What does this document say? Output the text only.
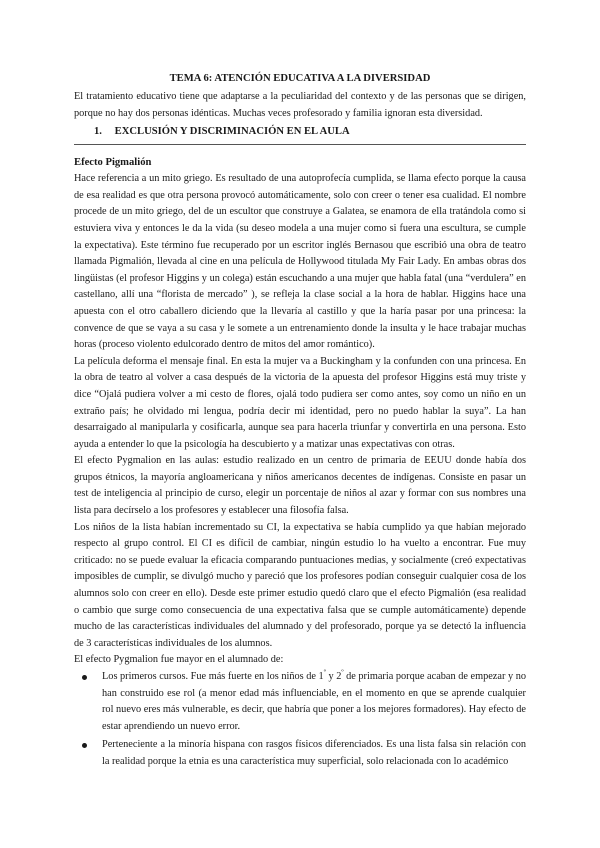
TEMA 6: ATENCIÓN EDUCATIVA A LA DIVERSIDAD

El tratamiento educativo tiene que adaptarse a la peculiaridad del contexto y de las personas que se dirigen, porque no hay dos personas idénticas. Muchas veces profesorado y familia ignoran esta diversidad.

1. EXCLUSIÓN Y DISCRIMINACIÓN EN EL AULA
Efecto Pigmalión

Hace referencia a un mito griego. Es resultado de una autoprofecía cumplida, se llama efecto porque la causa de esa realidad es que otra persona provocó automáticamente, solo con creer o tener esa cualidad. El nombre procede de un mito griego, del de un escultor que construye a Galatea, se enamora de ella tratándola como si estuviera viva y entonces le da la vida (su deseo modela a una mujer como si fuera una escultura, se cumple la expectativa). Este término fue recuperado por un escritor inglés Bernasou que escribió una obra de teatro llamada Pigmalión, llevada al cine en una película de Hollywood titulada My Fair Lady. En ambas obras dos lingüistas (el profesor Higgins y un colega) están escuchando a una mujer que habla fatal (una “verdulera” en castellano, allí una “florista de mercado” ), se refleja la clase social a la hora de hablar. Higgins hace una apuesta con el otro caballero diciendo que la llevaría al castillo y que la haría pasar por una princesa: la convence de que se vaya a su casa y le somete a un entrenamiento donde la insulta y le hace trabajar muchas horas (proceso violento edulcorado dentro de mitos del amor romántico).

La película deforma el mensaje final. En esta la mujer va a Buckingham y la confunden con una princesa. En la obra de teatro al volver a casa después de la victoria de la apuesta del profesor Higgins está muy triste y dice “Ojalá pudiera volver a mi cesto de flores, ojalá todo pudiera ser como antes, soy como un niño en un extraño país; he olvidado mi lengua, podría decir mi identidad, pero no puedo hablar la suya”. La han desarraigado al manipularla y cosificarla, aunque sea para hacerla triunfar y convertirla en una persona. Esto ayuda a entender lo que la psicología ha descubierto y a matizar unas expectativas con otras.

El efecto Pygmalion en las aulas: estudio realizado en un centro de primaria de EEUU donde había dos grupos étnicos, la mayoría angloamericana y niños americanos decentes de indígenas. Consiste en pasar un test de inteligencia al principio de curso, elegir un porcentaje de niños al azar y formar con sus nombres una lista para decírselo a los profesores y establecer una filosofía falsa.

Los niños de la lista habían incrementado su CI, la expectativa se había cumplido ya que habían mejorado respecto al grupo control. El CI es difícil de cambiar, ningún estudio lo ha vuelto a encontrar. Fue muy criticado: no se puede evaluar la eficacia comparando puntuaciones medias, y socialmente (creó expectativas imposibles de cumplir, se divulgó mucho y pareció que los profesores podían conseguir cualquier cosa de los alumnos solo con creer en ello). Desde este primer estudio quedó claro que el efecto Pigmalión (esa realidad o cambio que surge como consecuencia de una expectativa falsa que se cumple automáticamente) depende mucho de las características individuales del alumnado y del profesorado, porque ya se detectó la influencia de 3 características individuales de los alumnos.

El efecto Pygmalion fue mayor en el alumnado de:

Los primeros cursos. Fue más fuerte en los niños de $1^º$ y $2^º$ de primaria porque acaban de empezar y no han construido ese rol (a menor edad más influenciable, en el momento en que se aprende cualquier rol nuevo eres más vulnerable, es decir, que habría que poner a los mejores formadores). Hay efecto de estar aprendiendo un nuevo error.
Perteneciente a la minoría hispana con rasgos físicos diferenciados. Es una lista falsa sin relación con la realidad porque la etnia es una característica muy superficial, solo relacionada con lo académico
